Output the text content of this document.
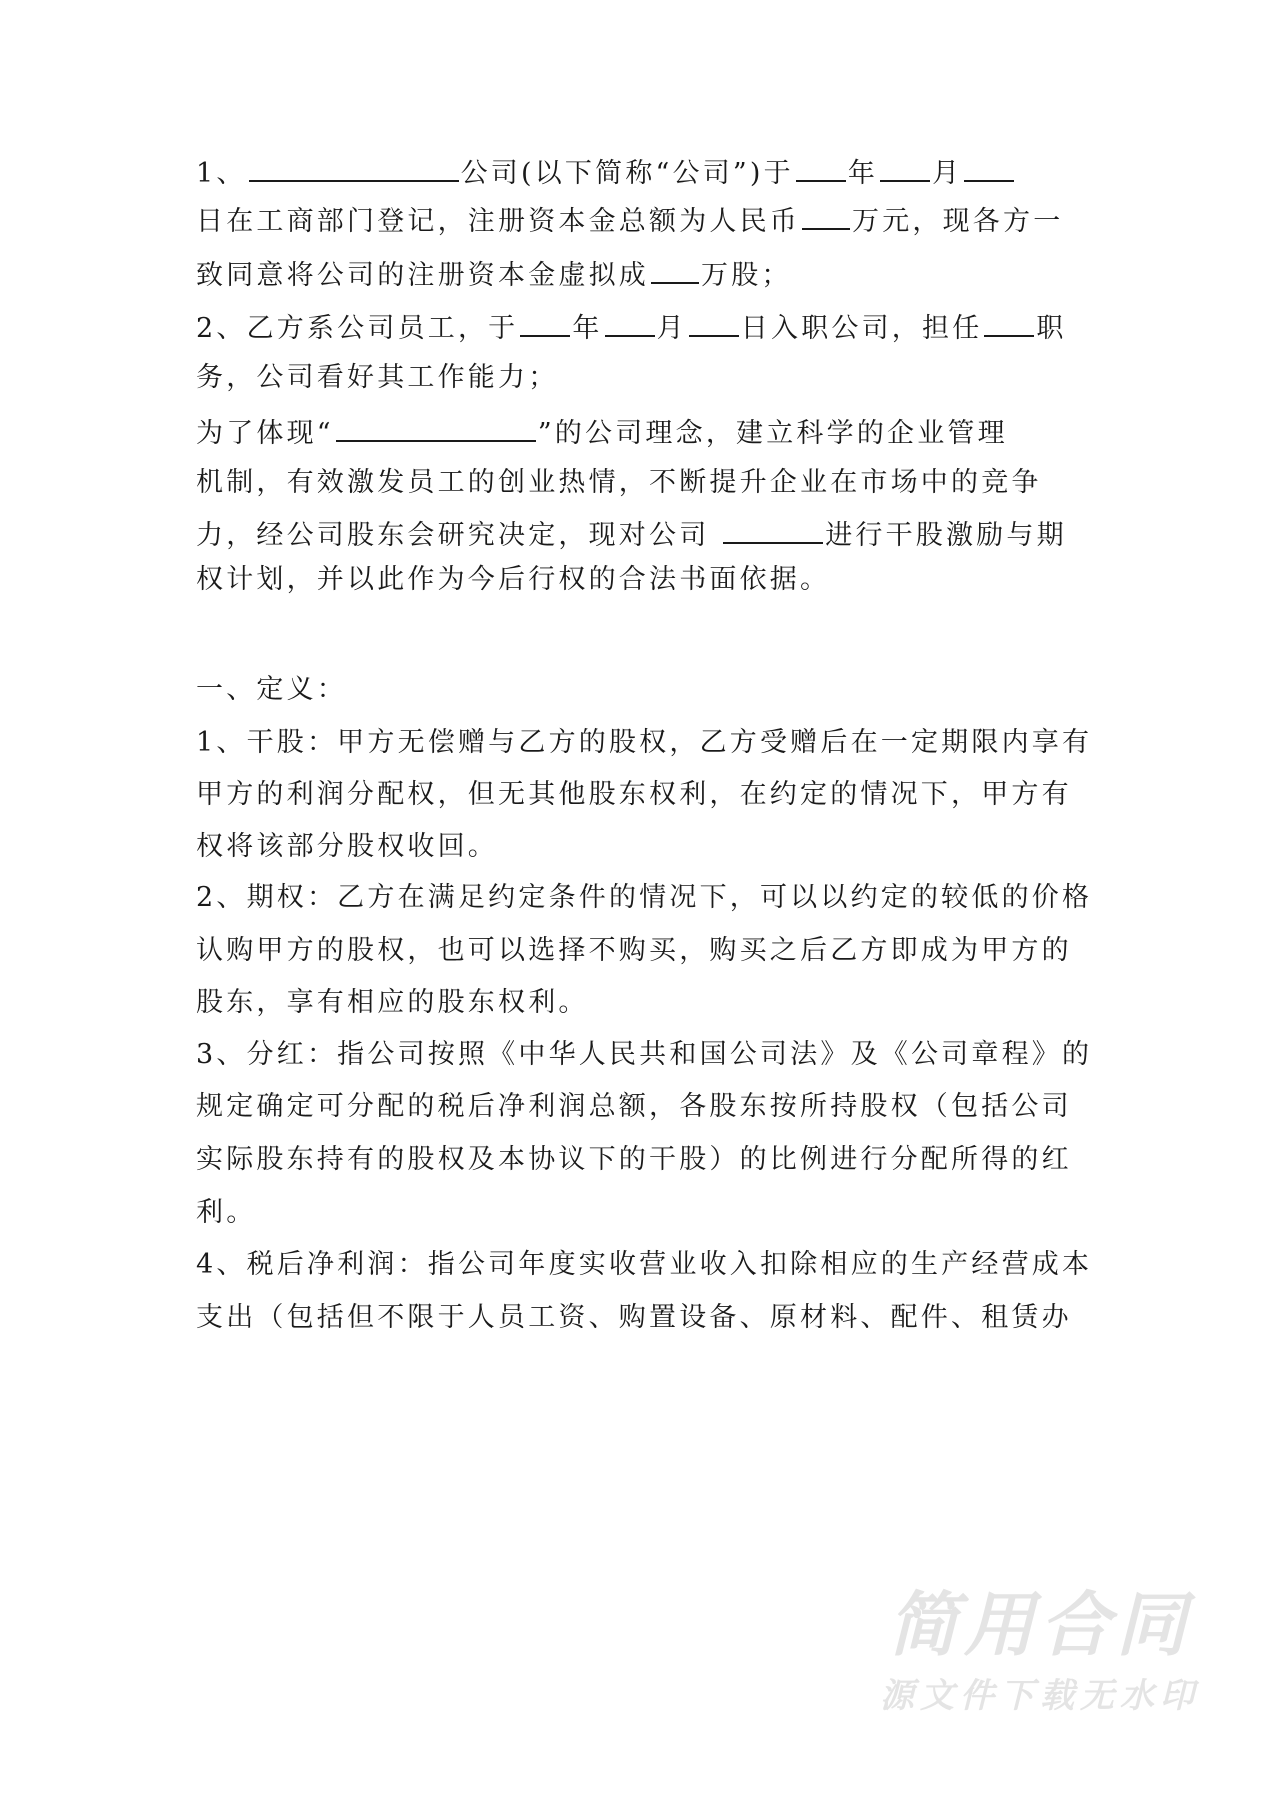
1、	公司(以下简称“公司”)于 年 月
日在工商部门登记，注册资本金总额为人民币 万元，现各方一
致同意将公司的注册资本金虚拟成 万股；
2、乙方系公司员工，于 年 月 日入职公司，担任 职
务，公司看好其工作能力；
为了体现“	”的公司理念，建立科学的企业管理
机制，有效激发员工的创业热情，不断提升企业在市场中的竞争
力，经公司股东会研究决定，现对公司	进行干股激励与期
权计划，并以此作为今后行权的合法书面依据。
一、定义：
1、干股：甲方无偿赠与乙方的股权，乙方受赠后在一定期限内享有
甲方的利润分配权，但无其他股东权利，在约定的情况下，甲方有
权将该部分股权收回。
2、期权：乙方在满足约定条件的情况下，可以以约定的较低的价格
认购甲方的股权，也可以选择不购买，购买之后乙方即成为甲方的
股东，享有相应的股东权利。
3、分红：指公司按照《中华人民共和国公司法》及《公司章程》的
规定确定可分配的税后净利润总额，各股东按所持股权（包括公司
实际股东持有的股权及本协议下的干股）的比例进行分配所得的红
利。
4、税后净利润：指公司年度实收营业收入扣除相应的生产经营成本
支出（包括但不限于人员工资、购置设备、原材料、配件、租赁办
简用合同
源文件下载无水印
